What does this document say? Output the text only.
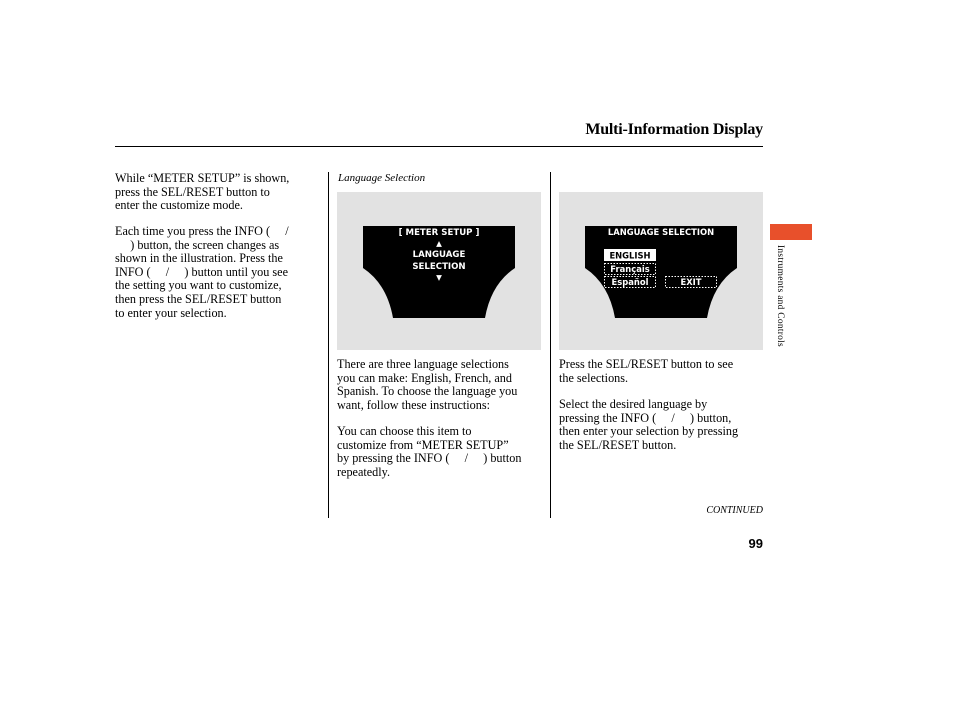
Multi-Information Display

While “METER SETUP” is shown,

press the SEL/RESET button to

enter the customize mode.

Each time you press the INFO (     /

) button, the screen changes as

shown in the illustration. Press the

INFO (     /     ) button until you see

the setting you want to customize,

then press the SEL/RESET button

to enter your selection.

Language Selection
[ METER SETUP ]
▲
LANGUAGE
SELECTION
▼

There are three language selections

you can make: English, French, and

Spanish. To choose the language you

want, follow these instructions:

You can choose this item to

customize from “METER SETUP”

by pressing the INFO (     /     ) button

repeatedly.

LANGUAGE SELECTION
ENGLISH
Français
Español	EXIT

Press the SEL/RESET button to see

the selections.

Select the desired language by

pressing the INFO (     /     ) button,

then enter your selection by pressing

the SEL/RESET button.

Instruments and Controls
CONTINUED
99
